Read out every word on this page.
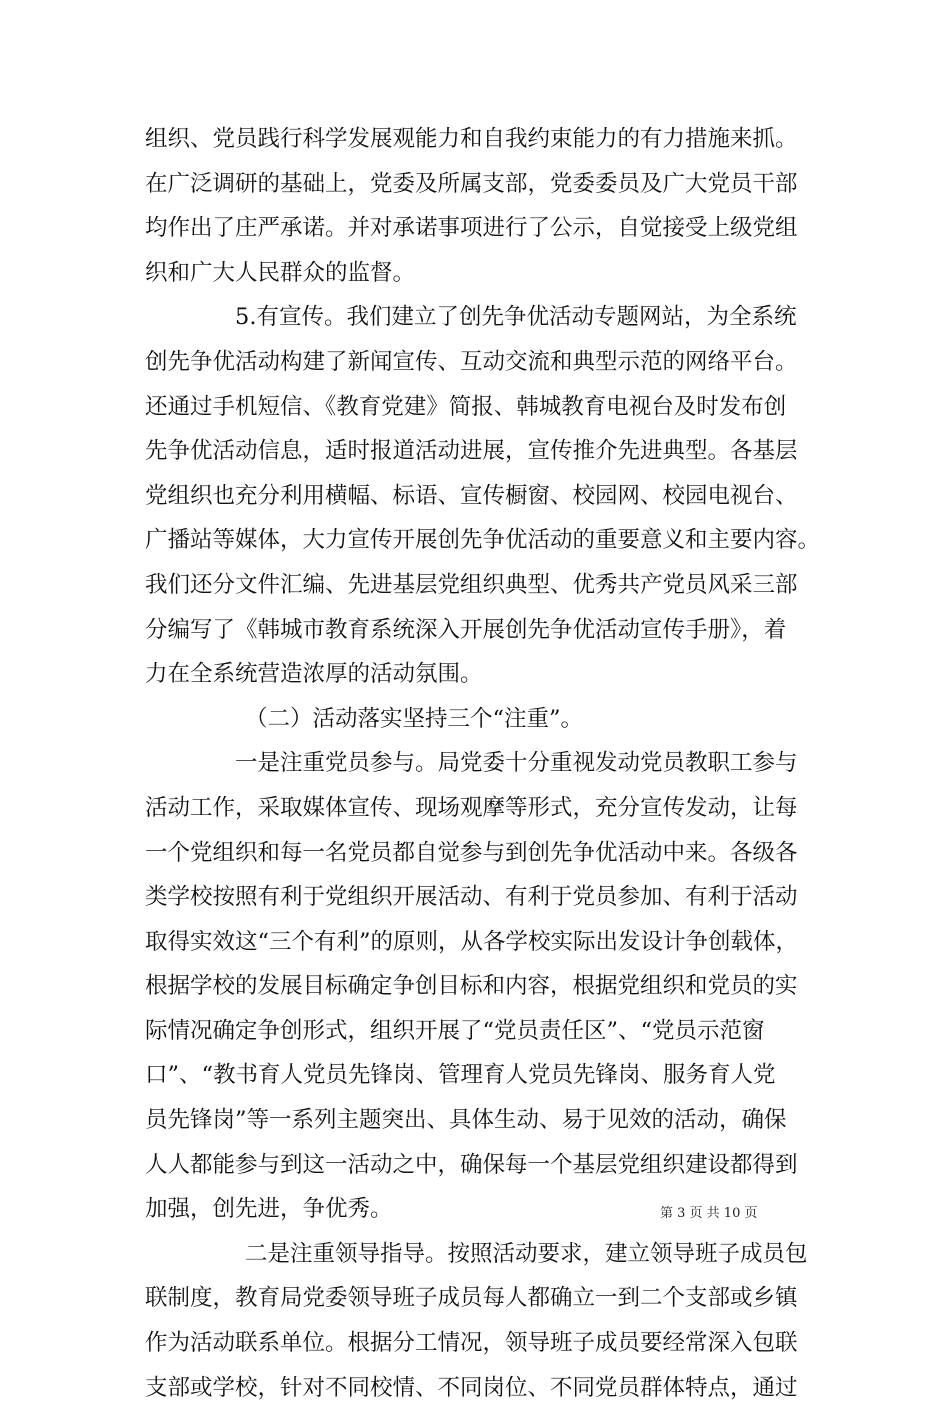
组织、党员践行科学发展观能力和自我约束能力的有力措施来抓。
在广泛调研的基础上，党委及所属支部，党委委员及广大党员干部
均作出了庄严承诺。并对承诺事项进行了公示，自觉接受上级党组
织和广大人民群众的监督。
5.有宣传。我们建立了创先争优活动专题网站，为全系统
创先争优活动构建了新闻宣传、互动交流和典型示范的网络平台。
还通过手机短信、《教育党建》简报、韩城教育电视台及时发布创
先争优活动信息，适时报道活动进展，宣传推介先进典型。各基层
党组织也充分利用横幅、标语、宣传橱窗、校园网、校园电视台、
广播站等媒体，大力宣传开展创先争优活动的重要意义和主要内容。
我们还分文件汇编、先进基层党组织典型、优秀共产党员风采三部
分编写了《韩城市教育系统深入开展创先争优活动宣传手册》，着
力在全系统营造浓厚的活动氛围。
（二）活动落实坚持三个“注重”。
一是注重党员参与。局党委十分重视发动党员教职工参与
活动工作，采取媒体宣传、现场观摩等形式，充分宣传发动，让每
一个党组织和每一名党员都自觉参与到创先争优活动中来。各级各
类学校按照有利于党组织开展活动、有利于党员参加、有利于活动
取得实效这“三个有利”的原则，从各学校实际出发设计争创载体，
根据学校的发展目标确定争创目标和内容，根据党组织和党员的实
际情况确定争创形式，组织开展了“党员责任区”、“党员示范窗
口”、“教书育人党员先锋岗、管理育人党员先锋岗、服务育人党
员先锋岗”等一系列主题突出、具体生动、易于见效的活动，确保
人人都能参与到这一活动之中，确保每一个基层党组织建设都得到
加强，创先进，争优秀。
二是注重领导指导。按照活动要求，建立领导班子成员包
联制度，教育局党委领导班子成员每人都确立一到二个支部或乡镇
作为活动联系单位。根据分工情况，领导班子成员要经常深入包联
支部或学校，针对不同校情、不同岗位、不同党员群体特点，通过
第 3 页 共 10 页
